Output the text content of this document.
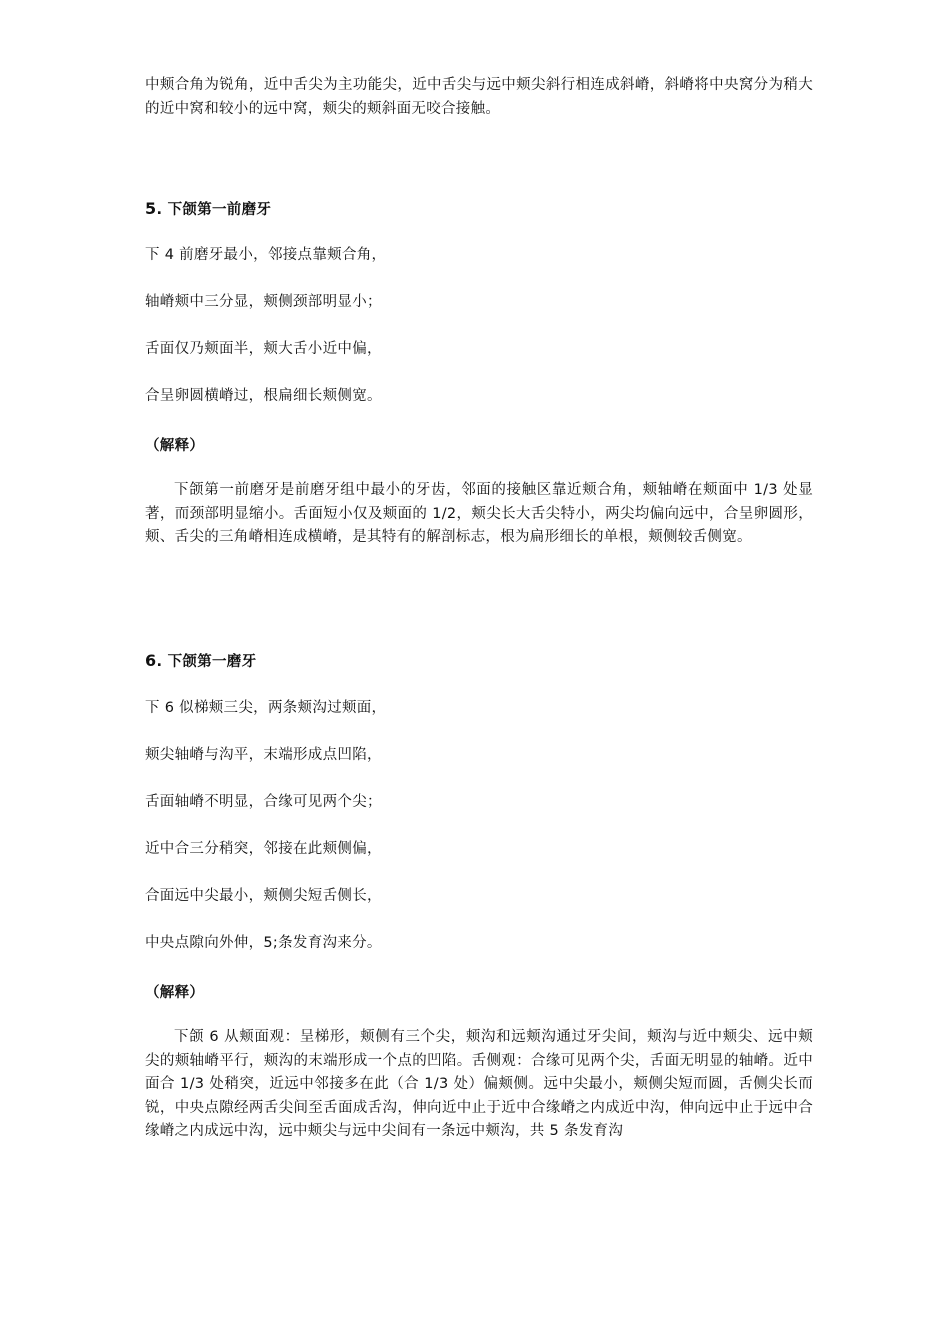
中颊合角为锐角，近中舌尖为主功能尖，近中舌尖与远中颊尖斜行相连成斜嵴，斜嵴将中央窝分为稍大的近中窝和较小的远中窝，颊尖的颊斜面无咬合接触。

5. 下颌第一前磨牙

下 4 前磨牙最小，邻接点靠颊合角，

轴嵴颊中三分显，颊侧颈部明显小；

舌面仅乃颊面半，颊大舌小近中偏，

合呈卵圆横嵴过，根扁细长颊侧宽。

（解释）

下颌第一前磨牙是前磨牙组中最小的牙齿，邻面的接触区靠近颊合角，颊轴嵴在颊面中 1/3 处显著，而颈部明显缩小。舌面短小仅及颊面的 1/2，颊尖长大舌尖特小，两尖均偏向远中，合呈卵圆形，颊、舌尖的三角嵴相连成横嵴，是其特有的解剖标志，根为扁形细长的单根，颊侧较舌侧宽。

6. 下颌第一磨牙

下 6 似梯颊三尖，两条颊沟过颊面，

颊尖轴嵴与沟平，末端形成点凹陷，

舌面轴嵴不明显，合缘可见两个尖；

近中合三分稍突，邻接在此颊侧偏，

合面远中尖最小，颊侧尖短舌侧长，

中央点隙向外伸，5;条发育沟来分。

（解释）

下颌 6 从颊面观：呈梯形，颊侧有三个尖，颊沟和远颊沟通过牙尖间，颊沟与近中颊尖、远中颊尖的颊轴嵴平行，颊沟的末端形成一个点的凹陷。舌侧观：合缘可见两个尖，舌面无明显的轴嵴。近中面合 1/3 处稍突，近远中邻接多在此（合 1/3 处）偏颊侧。远中尖最小，颊侧尖短而圆，舌侧尖长而锐，中央点隙经两舌尖间至舌面成舌沟，伸向近中止于近中合缘嵴之内成近中沟，伸向远中止于远中合缘嵴之内成远中沟，远中颊尖与远中尖间有一条远中颊沟，共 5 条发育沟
